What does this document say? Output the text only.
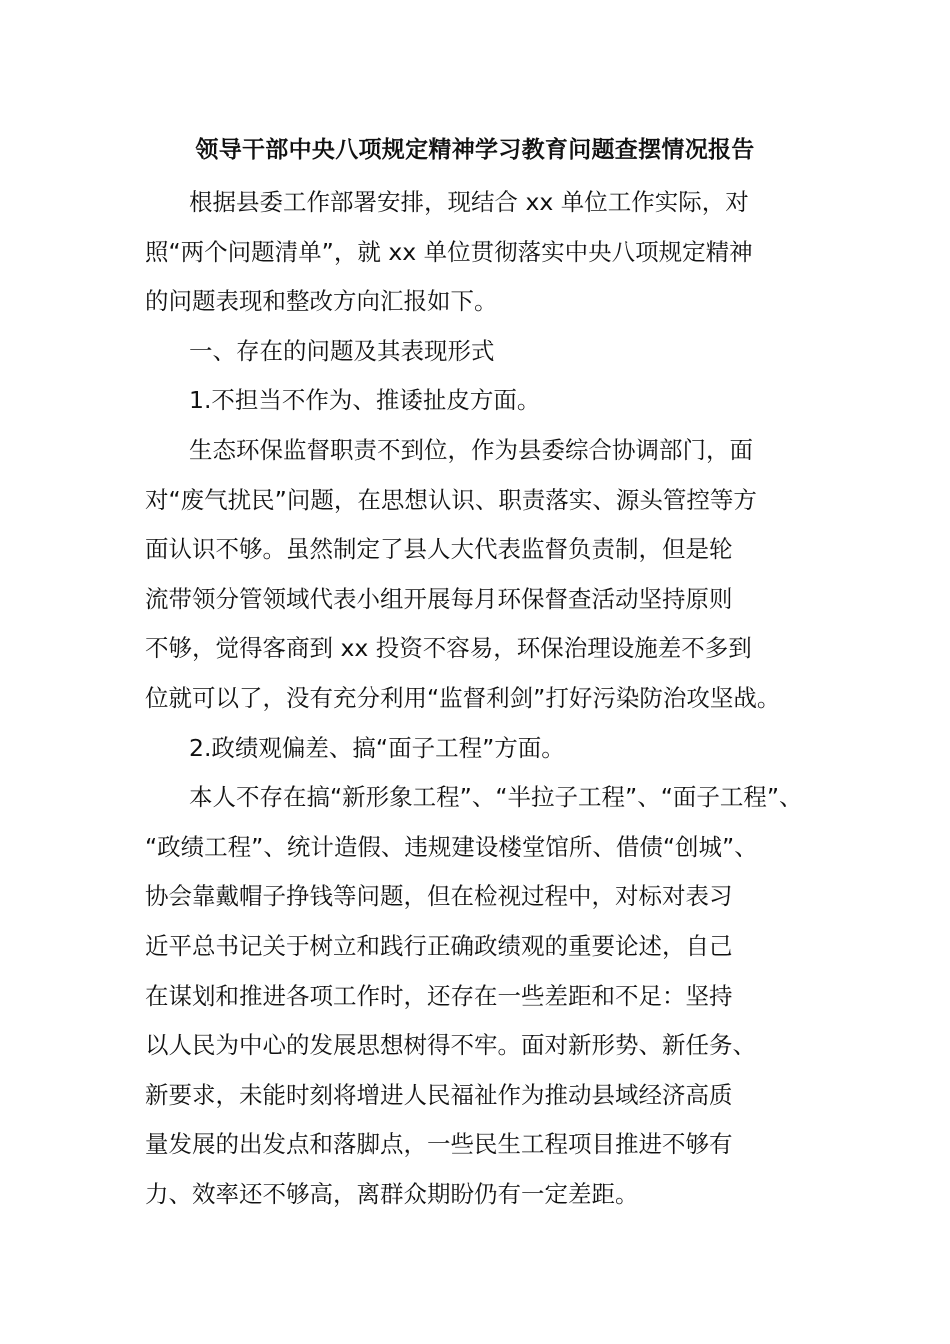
领导干部中央八项规定精神学习教育问题查摆情况报告
根据县委工作部署安排，现结合 xx 单位工作实际，对
照“两个问题清单”，就 xx 单位贯彻落实中央八项规定精神
的问题表现和整改方向汇报如下。
一、存在的问题及其表现形式
1.不担当不作为、推诿扯皮方面。
生态环保监督职责不到位，作为县委综合协调部门，面
对“废气扰民”问题，在思想认识、职责落实、源头管控等方
面认识不够。虽然制定了县人大代表监督负责制，但是轮
流带领分管领域代表小组开展每月环保督查活动坚持原则
不够，觉得客商到 xx 投资不容易，环保治理设施差不多到
位就可以了，没有充分利用“监督利剑”打好污染防治攻坚战。
2.政绩观偏差、搞“面子工程”方面。
本人不存在搞“新形象工程”、“半拉子工程”、“面子工程”、
“政绩工程”、统计造假、违规建设楼堂馆所、借债“创城”、
协会靠戴帽子挣钱等问题，但在检视过程中，对标对表习
近平总书记关于树立和践行正确政绩观的重要论述，自己
在谋划和推进各项工作时，还存在一些差距和不足：坚持
以人民为中心的发展思想树得不牢。面对新形势、新任务、
新要求，未能时刻将增进人民福祉作为推动县域经济高质
量发展的出发点和落脚点，一些民生工程项目推进不够有
力、效率还不够高，离群众期盼仍有一定差距。
